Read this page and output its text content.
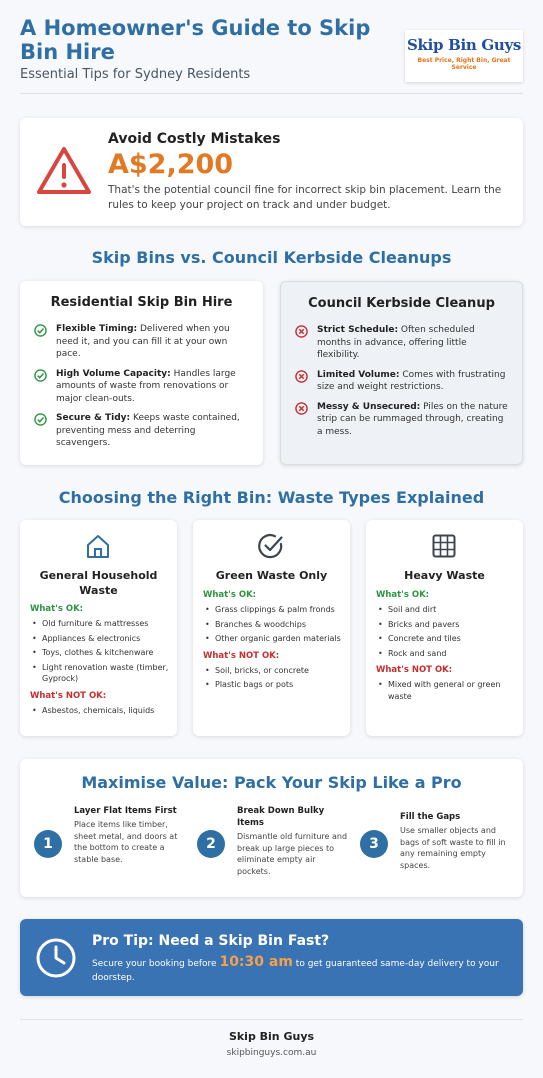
A Homeowner's Guide to Skip Bin Hire
Essential Tips for Sydney Residents
Skip Bin Guys
Best Price, Right Bin, Great Service
Avoid Costly Mistakes
A$2,200
That's the potential council fine for incorrect skip bin placement. Learn the rules to keep your project on track and under budget.
Skip Bins vs. Council Kerbside Cleanups
Residential Skip Bin Hire
Flexible Timing: Delivered when you need it, and you can fill it at your own pace.
High Volume Capacity: Handles large amounts of waste from renovations or major clean-outs.
Secure & Tidy: Keeps waste contained, preventing mess and deterring scavengers.
Council Kerbside Cleanup
Strict Schedule: Often scheduled months in advance, offering little flexibility.
Limited Volume: Comes with frustrating size and weight restrictions.
Messy & Unsecured: Piles on the nature strip can be rummaged through, creating a mess.
Choosing the Right Bin: Waste Types Explained
General Household Waste
What's OK:
• Old furniture & mattresses
• Appliances & electronics
• Toys, clothes & kitchenware
• Light renovation waste (timber, Gyprock)
What's NOT OK:
• Asbestos, chemicals, liquids
Green Waste Only
What's OK:
• Grass clippings & palm fronds
• Branches & woodchips
• Other organic garden materials
What's NOT OK:
• Soil, bricks, or concrete
• Plastic bags or pots
Heavy Waste
What's OK:
• Soil and dirt
• Bricks and pavers
• Concrete and tiles
• Rock and sand
What's NOT OK:
• Mixed with general or green waste
Maximise Value: Pack Your Skip Like a Pro
1
Layer Flat Items First
Place items like timber, sheet metal, and doors at the bottom to create a stable base.
2
Break Down Bulky Items
Dismantle old furniture and break up large pieces to eliminate empty air pockets.
3
Fill the Gaps
Use smaller objects and bags of soft waste to fill in any remaining empty spaces.
Pro Tip: Need a Skip Bin Fast?
Secure your booking before 10:30 am to get guaranteed same-day delivery to your doorstep.
Skip Bin Guys
skipbinguys.com.au
